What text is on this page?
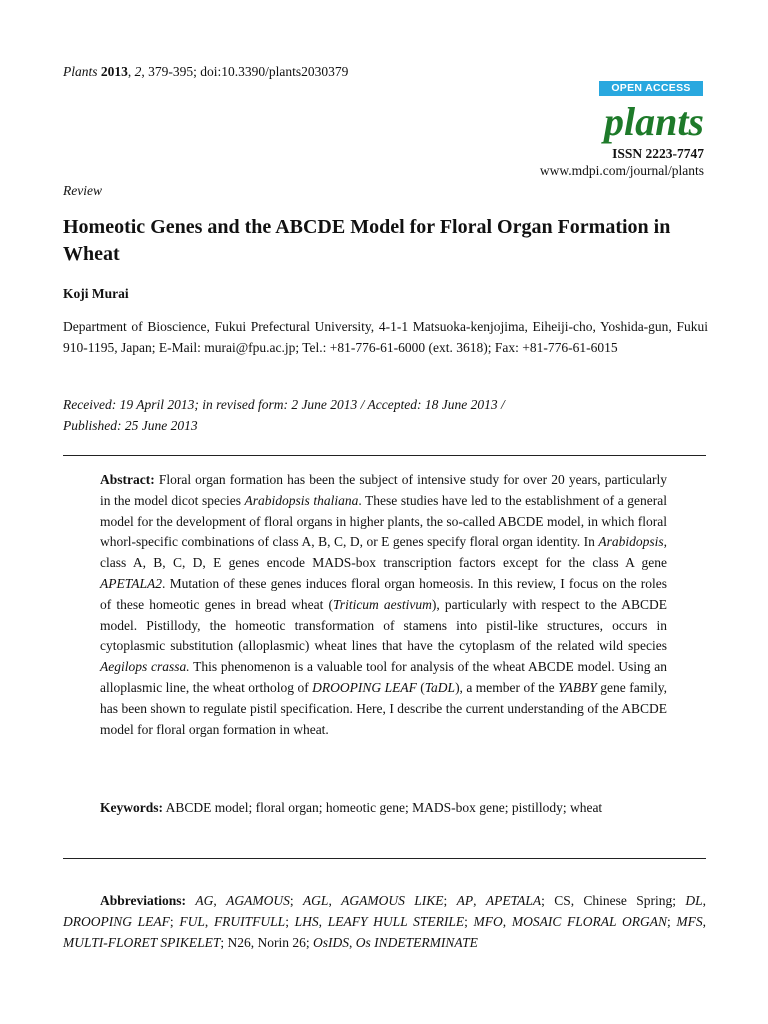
Plants 2013, 2, 379-395; doi:10.3390/plants2030379
OPEN ACCESS
plants
ISSN 2223-7747
www.mdpi.com/journal/plants
Review
Homeotic Genes and the ABCDE Model for Floral Organ Formation in Wheat
Koji Murai
Department of Bioscience, Fukui Prefectural University, 4-1-1 Matsuoka-kenjojima, Eiheiji-cho, Yoshida-gun, Fukui 910-1195, Japan; E-Mail: murai@fpu.ac.jp; Tel.: +81-776-61-6000 (ext. 3618); Fax: +81-776-61-6015
Received: 19 April 2013; in revised form: 2 June 2013 / Accepted: 18 June 2013 /
Published: 25 June 2013

Abstract: Floral organ formation has been the subject of intensive study for over 20 years, particularly in the model dicot species Arabidopsis thaliana. These studies have led to the establishment of a general model for the development of floral organs in higher plants, the so-called ABCDE model, in which floral whorl-specific combinations of class A, B, C, D, or E genes specify floral organ identity. In Arabidopsis, class A, B, C, D, E genes encode MADS-box transcription factors except for the class A gene APETALA2. Mutation of these genes induces floral organ homeosis. In this review, I focus on the roles of these homeotic genes in bread wheat (Triticum aestivum), particularly with respect to the ABCDE model. Pistillody, the homeotic transformation of stamens into pistil-like structures, occurs in cytoplasmic substitution (alloplasmic) wheat lines that have the cytoplasm of the related wild species Aegilops crassa. This phenomenon is a valuable tool for analysis of the wheat ABCDE model. Using an alloplasmic line, the wheat ortholog of DROOPING LEAF (TaDL), a member of the YABBY gene family, has been shown to regulate pistil specification. Here, I describe the current understanding of the ABCDE model for floral organ formation in wheat.

Keywords: ABCDE model; floral organ; homeotic gene; MADS-box gene; pistillody; wheat

Abbreviations: AG, AGAMOUS; AGL, AGAMOUS LIKE; AP, APETALA; CS, Chinese Spring; DL, DROOPING LEAF; FUL, FRUITFULL; LHS, LEAFY HULL STERILE; MFO, MOSAIC FLORAL ORGAN; MFS, MULTI-FLORET SPIKELET; N26, Norin 26; OsIDS, Os INDETERMINATE
